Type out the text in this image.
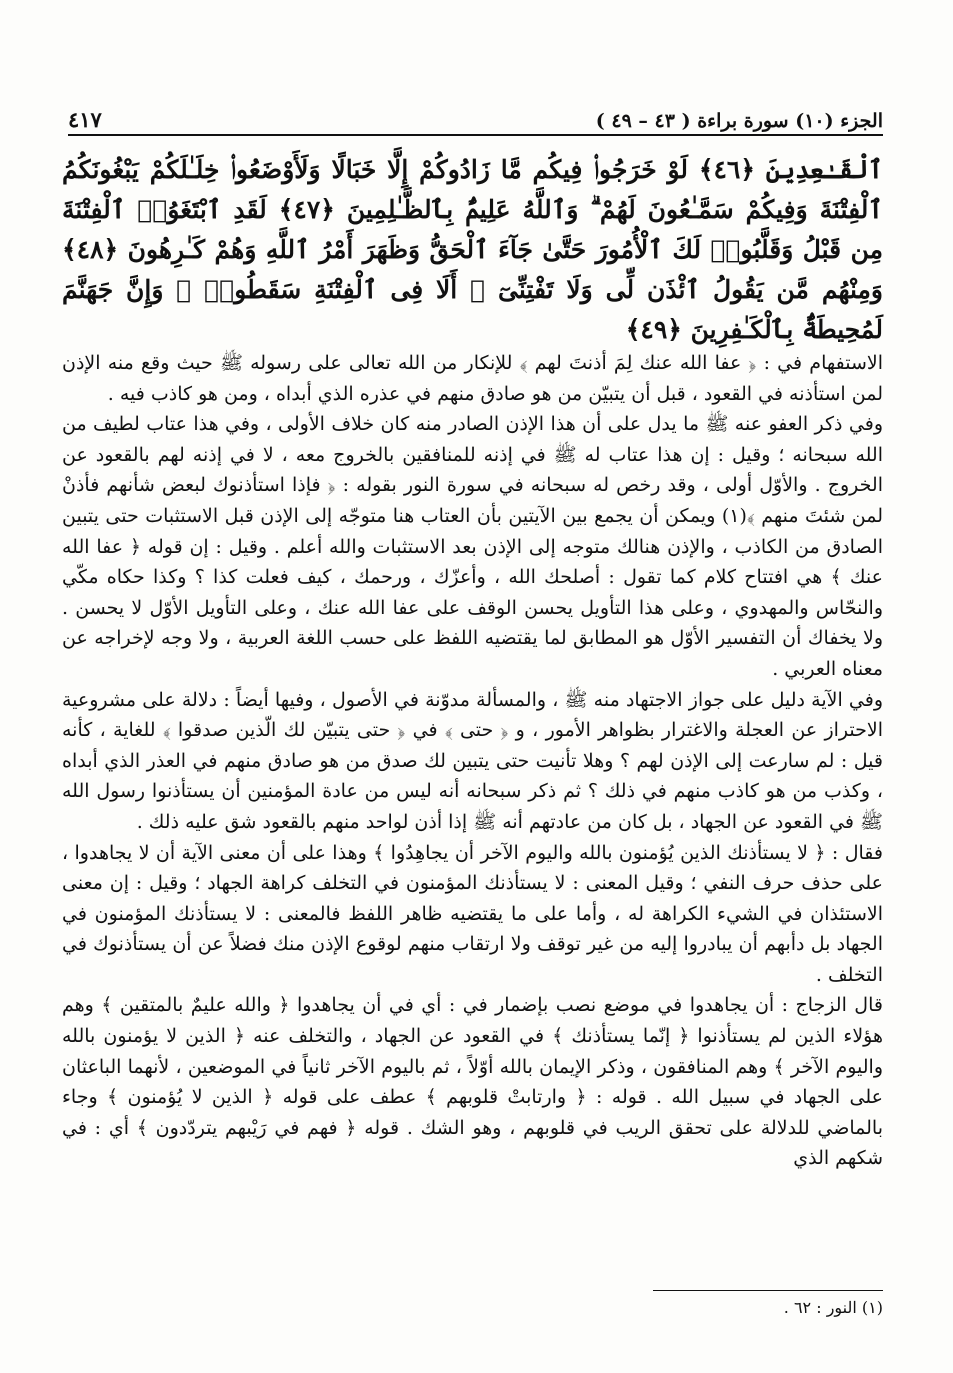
الجزء (١٠) سورة براءة ( ٤٣ – ٤٩ )
٤١٧
ٱلْقَـٰعِدِينَ ﴿٤٦﴾ لَوْ خَرَجُوا۟ فِيكُم مَّا زَادُوكُمْ إِلَّا خَبَالًا وَلَأَوْضَعُوا۟ خِلَـٰلَكُمْ يَبْغُونَكُمُ ٱلْفِتْنَةَ وَفِيكُمْ سَمَّـٰعُونَ لَهُمْ ۗ وَٱللَّهُ عَلِيمٌۢ بِٱلظَّـٰلِمِينَ ﴿٤٧﴾ لَقَدِ ٱبْتَغَوُا۟ ٱلْفِتْنَةَ مِن قَبْلُ وَقَلَّبُوا۟ لَكَ ٱلْأُمُورَ حَتَّىٰ جَآءَ ٱلْحَقُّ وَظَهَرَ أَمْرُ ٱللَّهِ وَهُمْ كَـٰرِهُونَ ﴿٤٨﴾ وَمِنْهُم مَّن يَقُولُ ٱئْذَن لِّى وَلَا تَفْتِنِّىٓ ۚ أَلَا فِى ٱلْفِتْنَةِ سَقَطُوا۟ ۗ وَإِنَّ جَهَنَّمَ لَمُحِيطَةٌۢ بِٱلْكَـٰفِرِينَ ﴿٤٩﴾

الاستفهام في : ﴿ عفا الله عنك لِمَ أذنتَ لهم ﴾ للإنكار من الله تعالى على رسوله ﷺ حيث وقع منه الإذن لمن استأذنه في القعود ، قبل أن يتبيّن من هو صادق منهم في عذره الذي أبداه ، ومن هو كاذب فيه .

وفي ذكر العفو عنه ﷺ ما يدل على أن هذا الإذن الصادر منه كان خلاف الأولى ، وفي هذا عتاب لطيف من الله سبحانه ؛ وقيل : إن هذا عتاب له ﷺ في إذنه للمنافقين بالخروج معه ، لا في إذنه لهم بالقعود عن الخروج . والأوّل أولى ، وقد رخص له سبحانه في سورة النور بقوله : ﴿ فإذا استأذنوك لبعض شأنهم فأذنْ لمن شئتَ منهم ﴾(١) ويمكن أن يجمع بين الآيتين بأن العتاب هنا متوجّه إلى الإذن قبل الاستثبات حتى يتبين الصادق من الكاذب ، والإذن هنالك متوجه إلى الإذن بعد الاستثبات والله أعلم . وقيل : إن قوله ﴿ عفا الله عنك ﴾ هي افتتاح كلام كما تقول : أصلحك الله ، وأعزّك ، ورحمك ، كيف فعلت كذا ؟ وكذا حكاه مكّي والنحّاس والمهدوي ، وعلى هذا التأويل يحسن الوقف على عفا الله عنك ، وعلى التأويل الأوّل لا يحسن . ولا يخفاك أن التفسير الأوّل هو المطابق لما يقتضيه اللفظ على حسب اللغة العربية ، ولا وجه لإخراجه عن معناه العربي .

وفي الآية دليل على جواز الاجتهاد منه ﷺ ، والمسألة مدوّنة في الأصول ، وفيها أيضاً : دلالة على مشروعية الاحتراز عن العجلة والاغترار بظواهر الأمور ، و ﴿ حتى ﴾ في ﴿ حتى يتبيّن لك الّذين صدقوا ﴾ للغاية ، كأنه قيل : لم سارعت إلى الإذن لهم ؟ وهلا تأنيت حتى يتبين لك صدق من هو صادق منهم في العذر الذي أبداه ، وكذب من هو كاذب منهم في ذلك ؟ ثم ذكر سبحانه أنه ليس من عادة المؤمنين أن يستأذنوا رسول الله ﷺ في القعود عن الجهاد ، بل كان من عادتهم أنه ﷺ إذا أذن لواحد منهم بالقعود شق عليه ذلك .

فقال : ﴿ لا يستأذنك الذين يُؤمنون بالله واليوم الآخر أن يجاهِدُوا ﴾ وهذا على أن معنى الآية أن لا يجاهدوا ، على حذف حرف النفي ؛ وقيل المعنى : لا يستأذنك المؤمنون في التخلف كراهة الجهاد ؛ وقيل : إن معنى الاستئذان في الشيء الكراهة له ، وأما على ما يقتضيه ظاهر اللفظ فالمعنى : لا يستأذنك المؤمنون في الجهاد بل دأبهم أن يبادروا إليه من غير توقف ولا ارتقاب منهم لوقوع الإذن منك فضلاً عن أن يستأذنوك في التخلف .

قال الزجاج : أن يجاهدوا في موضع نصب بإضمار في : أي في أن يجاهدوا ﴿ والله عليمٌ بالمتقين ﴾ وهم هؤلاء الذين لم يستأذنوا ﴿ إنّما يستأذنك ﴾ في القعود عن الجهاد ، والتخلف عنه ﴿ الذين لا يؤمنون بالله واليوم الآخر ﴾ وهم المنافقون ، وذكر الإيمان بالله أوّلاً ، ثم باليوم الآخر ثانياً في الموضعين ، لأنهما الباعثان على الجهاد في سبيل الله . قوله : ﴿ وارتابتْ قلوبهم ﴾ عطف على قوله ﴿ الذين لا يُؤمنون ﴾ وجاء بالماضي للدلالة على تحقق الريب في قلوبهم ، وهو الشك . قوله ﴿ فهم في رَيْبهم يتردّدون ﴾ أي : في شكهم الذي

(١) النور : ٦٢ .
